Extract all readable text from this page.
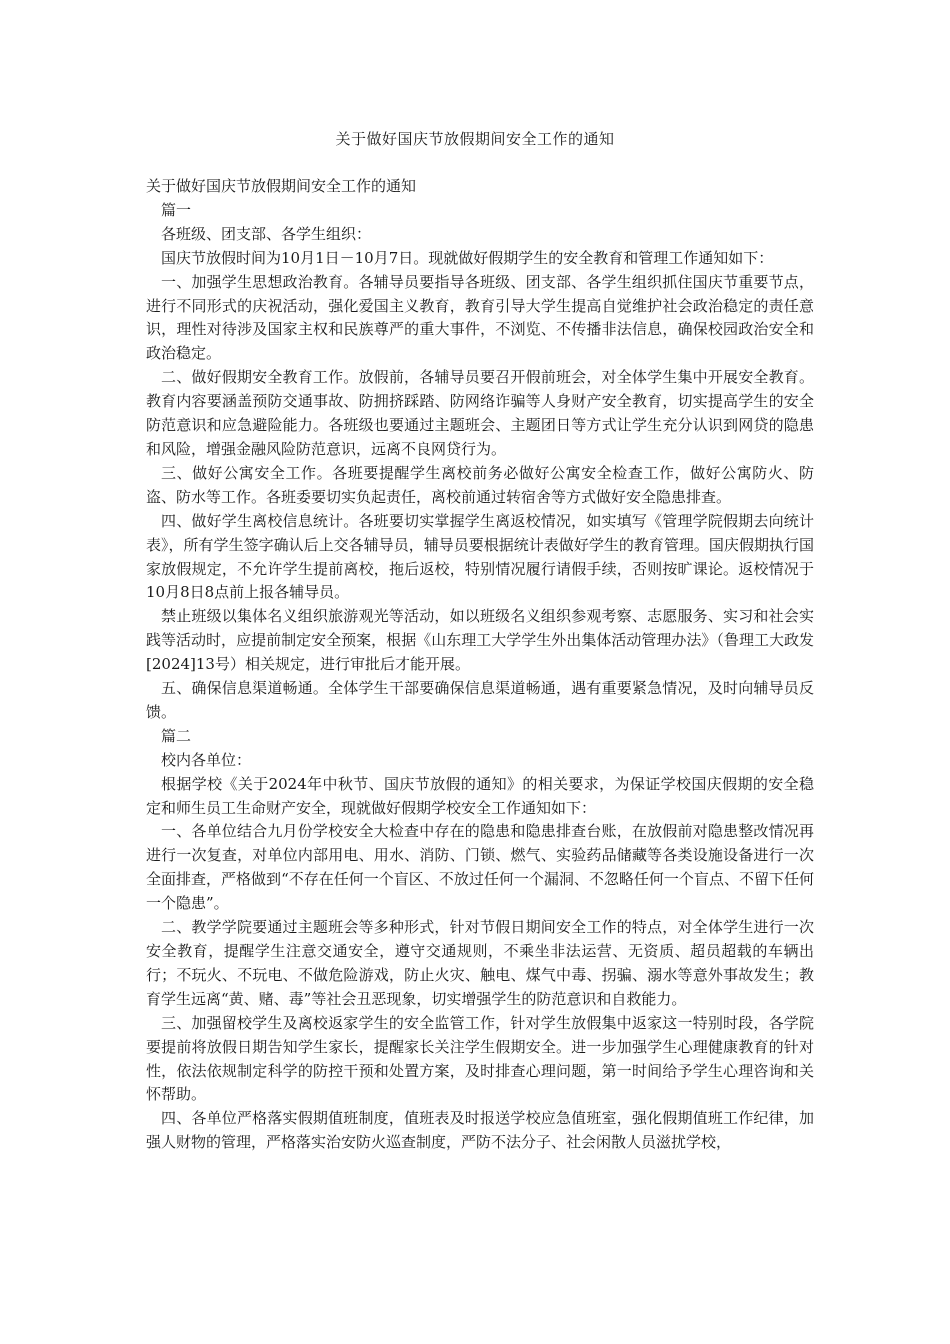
关于做好国庆节放假期间安全工作的通知

关于做好国庆节放假期间安全工作的通知

篇一

各班级、团支部、各学生组织：

国庆节放假时间为10月1日－10月7日。现就做好假期学生的安全教育和管理工作通知如下：

一、加强学生思想政治教育。各辅导员要指导各班级、团支部、各学生组织抓住国庆节重要节点，进行不同形式的庆祝活动，强化爱国主义教育，教育引导大学生提高自觉维护社会政治稳定的责任意识，理性对待涉及国家主权和民族尊严的重大事件，不浏览、不传播非法信息，确保校园政治安全和政治稳定。

二、做好假期安全教育工作。放假前，各辅导员要召开假前班会，对全体学生集中开展安全教育。教育内容要涵盖预防交通事故、防拥挤踩踏、防网络诈骗等人身财产安全教育，切实提高学生的安全防范意识和应急避险能力。各班级也要通过主题班会、主题团日等方式让学生充分认识到网贷的隐患和风险，增强金融风险防范意识，远离不良网贷行为。

三、做好公寓安全工作。各班要提醒学生离校前务必做好公寓安全检查工作，做好公寓防火、防盗、防水等工作。各班委要切实负起责任，离校前通过转宿舍等方式做好安全隐患排查。

四、做好学生离校信息统计。各班要切实掌握学生离返校情况，如实填写《管理学院假期去向统计表》，所有学生签字确认后上交各辅导员，辅导员要根据统计表做好学生的教育管理。国庆假期执行国家放假规定，不允许学生提前离校，拖后返校，特别情况履行请假手续，否则按旷课论。返校情况于10月8日8点前上报各辅导员。

禁止班级以集体名义组织旅游观光等活动，如以班级名义组织参观考察、志愿服务、实习和社会实践等活动时，应提前制定安全预案，根据《山东理工大学学生外出集体活动管理办法》（鲁理工大政发[2024]13号）相关规定，进行审批后才能开展。

五、确保信息渠道畅通。全体学生干部要确保信息渠道畅通，遇有重要紧急情况，及时向辅导员反馈。

篇二

校内各单位：

根据学校《关于2024年中秋节、国庆节放假的通知》的相关要求，为保证学校国庆假期的安全稳定和师生员工生命财产安全，现就做好假期学校安全工作通知如下：

一、各单位结合九月份学校安全大检查中存在的隐患和隐患排查台账，在放假前对隐患整改情况再进行一次复查，对单位内部用电、用水、消防、门锁、燃气、实验药品储藏等各类设施设备进行一次全面排查，严格做到“不存在任何一个盲区、不放过任何一个漏洞、不忽略任何一个盲点、不留下任何一个隐患”。

二、教学学院要通过主题班会等多种形式，针对节假日期间安全工作的特点，对全体学生进行一次安全教育，提醒学生注意交通安全，遵守交通规则，不乘坐非法运营、无资质、超员超载的车辆出行；不玩火、不玩电、不做危险游戏，防止火灾、触电、煤气中毒、拐骗、溺水等意外事故发生；教育学生远离“黄、赌、毒”等社会丑恶现象，切实增强学生的防范意识和自救能力。

三、加强留校学生及离校返家学生的安全监管工作，针对学生放假集中返家这一特别时段，各学院要提前将放假日期告知学生家长，提醒家长关注学生假期安全。进一步加强学生心理健康教育的针对性，依法依规制定科学的防控干预和处置方案，及时排查心理问题，第一时间给予学生心理咨询和关怀帮助。

四、各单位严格落实假期值班制度，值班表及时报送学校应急值班室，强化假期值班工作纪律，加强人财物的管理，严格落实治安防火巡查制度，严防不法分子、社会闲散人员滋扰学校，
